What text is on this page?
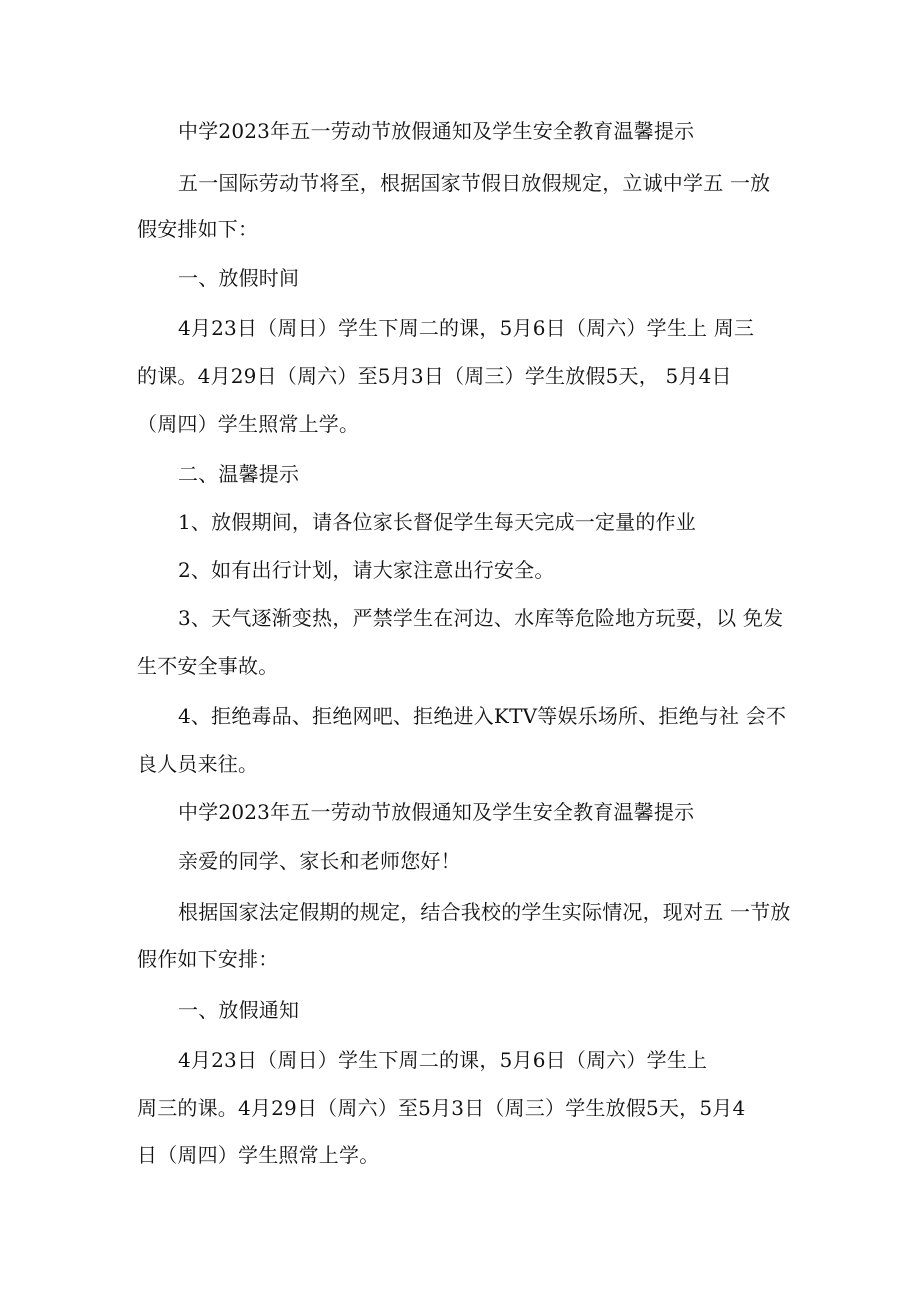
中学2023年五一劳动节放假通知及学生安全教育温馨提示
五一国际劳动节将至，根据国家节假日放假规定，立诚中学五 一放
假安排如下：
一、放假时间
4月23日（周日）学生下周二的课，5月6日（周六）学生上 周三
的课。4月29日（周六）至5月3日（周三）学生放假5天， 5月4日
（周四）学生照常上学。
二、温馨提示
1、放假期间，请各位家长督促学生每天完成一定量的作业
2、如有出行计划，请大家注意出行安全。
3、天气逐渐变热，严禁学生在河边、水库等危险地方玩耍，以 免发
生不安全事故。
4、拒绝毒品、拒绝网吧、拒绝进入KTV等娱乐场所、拒绝与社 会不
良人员来往。
中学2023年五一劳动节放假通知及学生安全教育温馨提示
亲爱的同学、家长和老师您好！
根据国家法定假期的规定，结合我校的学生实际情况，现对五 一节放
假作如下安排：
一、放假通知
4月23日（周日）学生下周二的课，5月6日（周六）学生上
周三的课。4月29日（周六）至5月3日（周三）学生放假5天，5月4
日（周四）学生照常上学。
